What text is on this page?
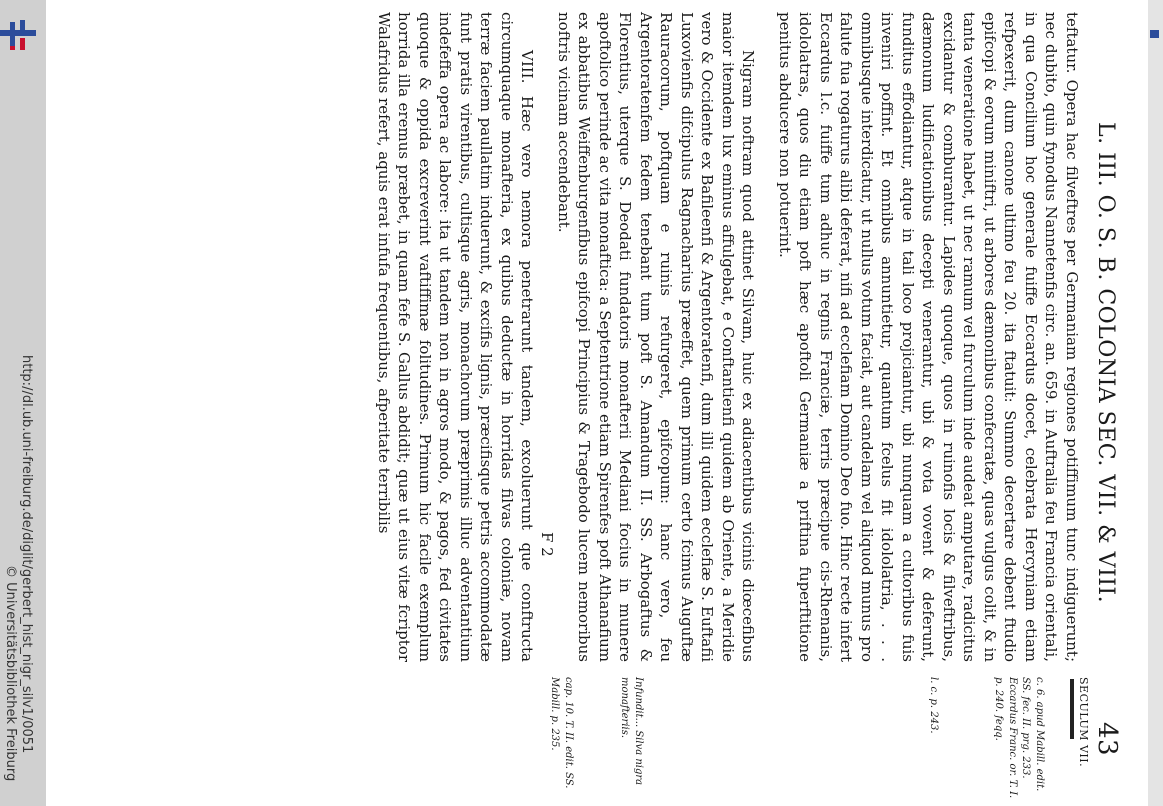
http://dl.ub.uni-freiburg.de/diglit/gerbert_hist_nigr_silv1/0051
© Universitätsbibliothek Freiburg
L. III. O. S. B. COLONIA SEC. VII. & VIII.
43

teftatur. Opera hac filveftres per Germaniam regiones potiffimum tunc indiguerunt; nec dubito, quin fynodus Nannetenfis circ. an. 659. in Auftralia feu Francia orientali, in qua Concilium hoc generale fuiffe Eccardus docet, celebrata Hercyniam etiam refpexerit, dum canone ultimo feu 20. ita ftatuit: Summo decertare debent ftudio epifcopi & eorum miniftri, ut arbores dæmonibus confecratæ, quas vulgus colit, & in tanta veneratione habet, ut nec ramum vel furculum inde audeat amputare, radicitus excidantur & comburantur. Lapides quoque, quos in ruinofis locis & filveftribus, dæmonum ludificationibus decepti venerantur, ubi & vota vovent & deferunt, funditus effodiantur, atque in tali loco projiciantur, ubi nunquam a cultoribus fuis inveniri poffint. Et omnibus annuntietur, quantum fcelus fit idololatria, . . . omnibusque interdicatur, ut nullus votum faciat, aut candelam vel aliquod munus pro falute fua rogaturus alibi deferat, nifi ad ecclefiam Domino Deo fuo. Hinc recte infert Eccardus l.c. fuiffe tum adhuc in regnis Franciæ, terris præcipue cis-Rhenanis, idololatras, quos diu etiam poft hæc apoftoli Germaniæ a priftina fuperftitione penitus abducere non potuerint.

Nigram noftram quod attinet Silvam, huic ex adiacentibus vicinis diœcefibus maior itemdem lux eminus affulgebat, e Conftantienfi quidem ab Oriente, a Meridie vero & Occidente ex Bafileenfi & Argentoratenfi, dum illi quidem ecclefiæ S. Euftafii Luxovienfis difcipulus Ragnacharius præeffet, quem primum certo fcimus Auguftæ Rauracorum, poftquam e ruinis refurgeret, epifcopum: hanc vero, feu Argentoratenfem fedem tenebant tum poft S. Amandum II. SS. Arbogaftus & Florentius, uterque S. Deodati fundatoris monafterii Mediani focius in munere apoftolico perinde ac vita monaftica: a Septentrione etiam Spirenfes poft Athanafium ex abbatibus Weiffenburgenfibus epifcopi Principius & Tragebodo lucem nemoribus noftris vicinam accendebant.

VIII. Hæc vero nemora penetrarunt tandem, excoluerunt que conftructa circumquaque monafteria, ex quibus deductæ in horridas filvas coloniæ, novam terræ faciem paullatim induerunt, & excifis lignis, præcifisque petris accommodatæ funt pratis virentibus, cultisque agris, monachorum præprimis illuc adventantium indefeffa opera ac labore: ita ut tandem non in agros modo, & pagos, fed civitates quoque & oppida excreverint vaftiffimæ folitudines. Primum hic facile exemplum horrida illa eremus præbet, in quam fefe S. Gallus abdidit; quæ ut eius vitæ fcriptor Walafridus refert, aquis erat infufa frequentibus, afperitate terribilis

F 2

SECULUM VII.

c. 6. apud Mabill. edit. SS. fec. II. prg. 233. Eccardus Franc. or. T. I. p. 240. feqq.

l. c. p. 243.

Infundit... Silva nigra monafteriis.

cap. 10. T. II. edit. SS. Mabill. p. 235.
